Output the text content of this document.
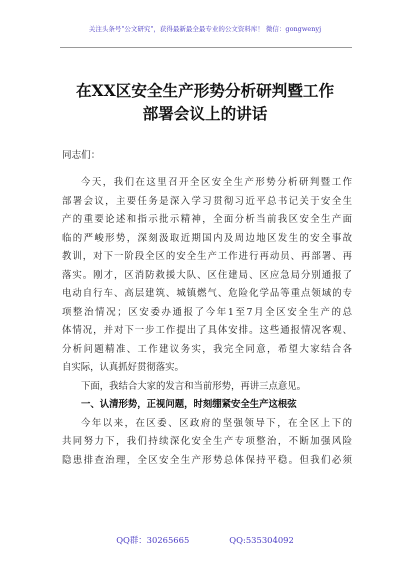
关注头条号"公文研究"，获得最新最全最专业的公文资料库！ 微信：gongwenyj
在XX区安全生产形势分析研判暨工作
部署会议上的讲话
同志们：
今天，我们在这里召开全区安全生产形势分析研判暨工作
部署会议，主要任务是深入学习贯彻习近平总书记关于安全生
产的重要论述和指示批示精神，全面分析当前我区安全生产面
临的严峻形势，深刻汲取近期国内及周边地区发生的安全事故
教训，对下一阶段全区的安全生产工作进行再动员、再部署、再
落实。刚才，区消防救援大队、区住建局、区应急局分别通报了
电动自行车、高层建筑、城镇燃气、危险化学品等重点领域的专
项整治情况；区安委办通报了今年1至7月全区安全生产的总
体情况，并对下一步工作提出了具体安排。这些通报情况客观、
分析问题精准、工作建议务实，我完全同意，希望大家结合各
自实际，认真抓好贯彻落实。
下面，我结合大家的发言和当前形势，再讲三点意见。
一、认清形势，正视问题，时刻绷紧安全生产这根弦
今年以来，在区委、区政府的坚强领导下，在全区上下的
共同努力下，我们持续深化安全生产专项整治，不断加强风险
隐患排查治理，全区安全生产形势总体保持平稳。但我们必须
QQ群：30265665	QQ:535304092
